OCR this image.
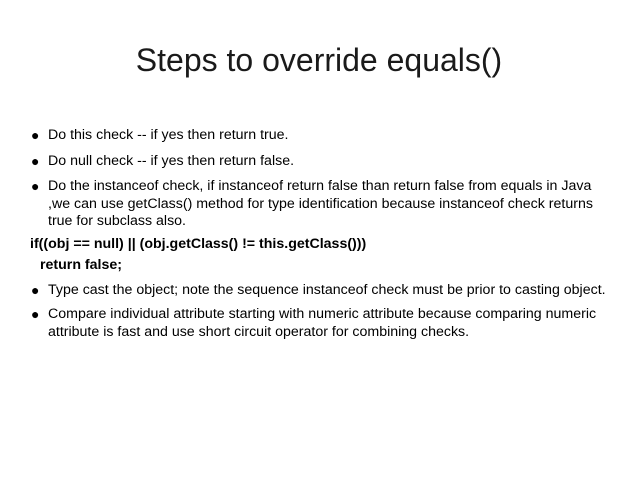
Steps to override equals()
● Do this check -- if yes then return true.
● Do null check -- if yes then return false.
● Do the instanceof check, if instanceof return false than return false from equals in Java ,we can use getClass() method for type identification because instanceof check returns true for subclass also.
if((obj == null) || (obj.getClass() != this.getClass()))
return false;
● Type cast the object; note the sequence instanceof check must be prior to casting object.
● Compare individual attribute starting with numeric attribute because comparing numeric attribute is fast and use short circuit operator for combining checks.
